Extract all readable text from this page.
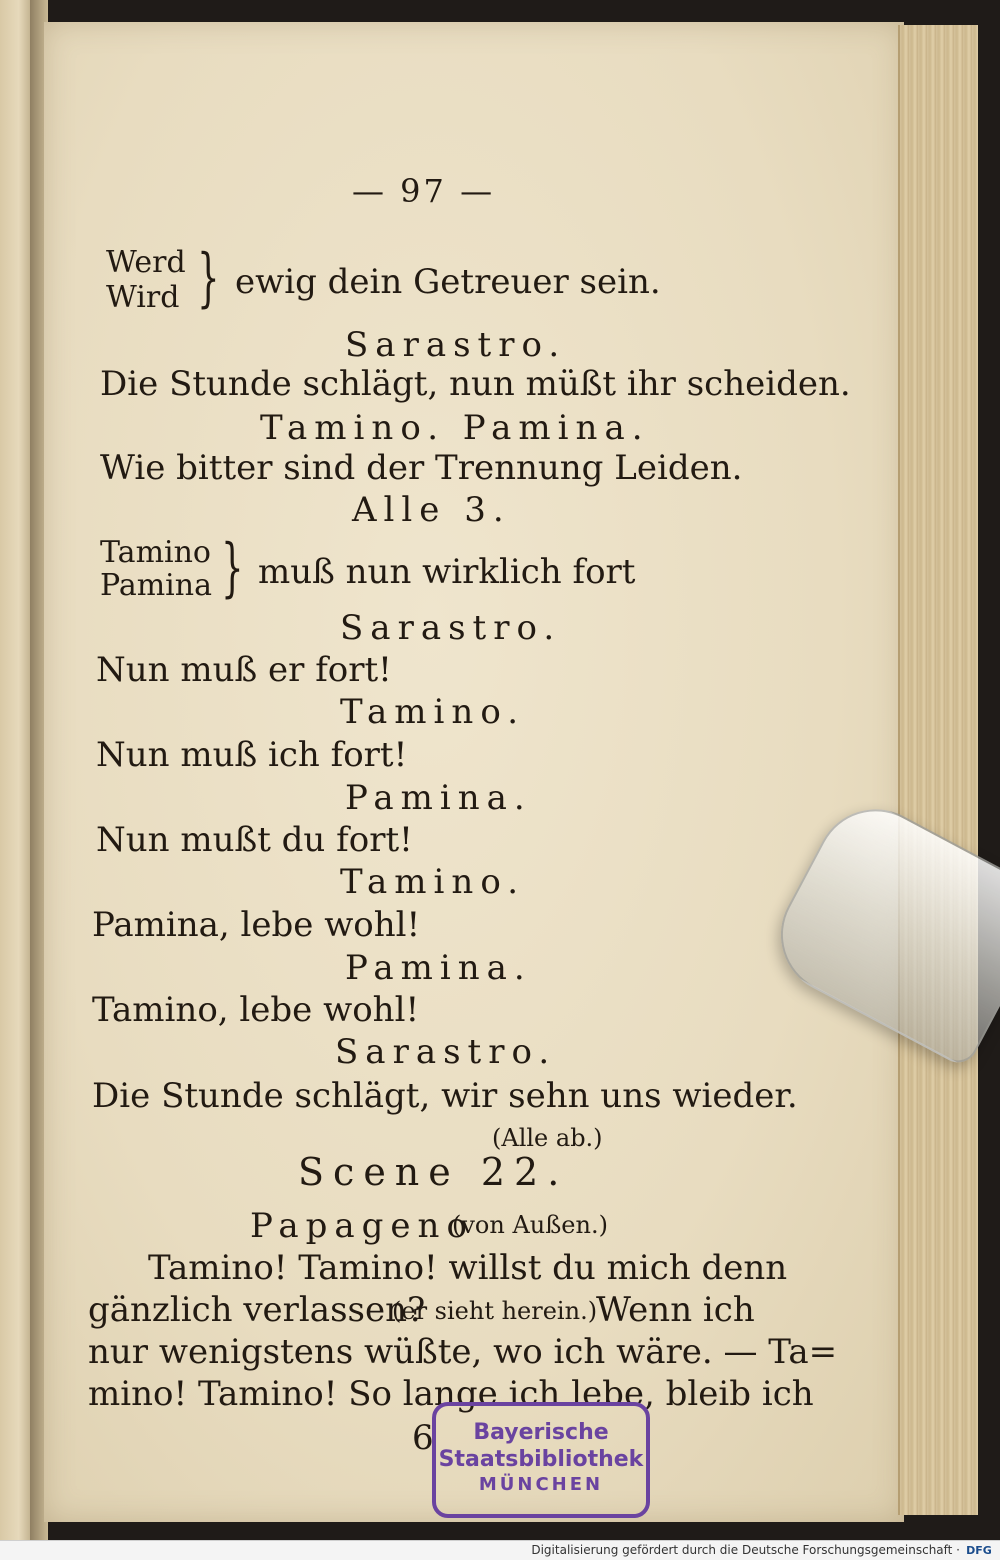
— 97 —
Werd
Wird } ewig dein Getreuer sein.
Sarastro.
Die Stunde schlägt, nun müßt ihr scheiden.
Tamino. Pamina.
Wie bitter sind der Trennung Leiden.
Alle 3.
Tamino
Pamina } muß nun wirklich fort
Sarastro.
Nun muß er fort!
Tamino.
Nun muß ich fort!
Pamina.
Nun mußt du fort!
Tamino.
Pamina, lebe wohl!
Pamina.
Tamino, lebe wohl!
Sarastro.
Die Stunde schlägt, wir sehn uns wieder.
(Alle ab.)
Scene 22.
Papageno
(von Außen.)
Tamino! Tamino! willst du mich denn
gänzlich verlassen?
(er sieht herein.)
Wenn ich
nur wenigstens wüßte, wo ich wäre. — Ta=
mino! Tamino! So lange ich lebe, bleib ich
6	Bayerische
Staatsbibliothek
MÜNCHEN
Digitalisierung gefördert durch die Deutsche Forschungsgemeinschaft · DFG
